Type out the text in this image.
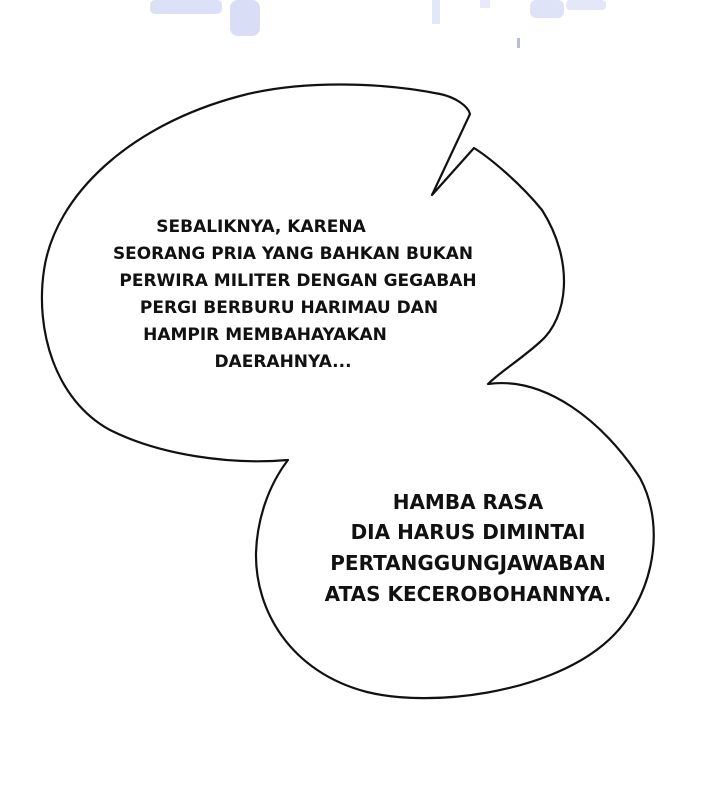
SEBALIKNYA, KARENA
SEORANG PRIA YANG BAHKAN BUKAN
PERWIRA MILITER DENGAN GEGABAH
PERGI BERBURU HARIMAU DAN
HAMPIR MEMBAHAYAKAN
DAERAHNYA...
HAMBA RASA
DIA HARUS DIMINTAI
PERTANGGUNGJAWABAN
ATAS KECEROBOHANNYA.
